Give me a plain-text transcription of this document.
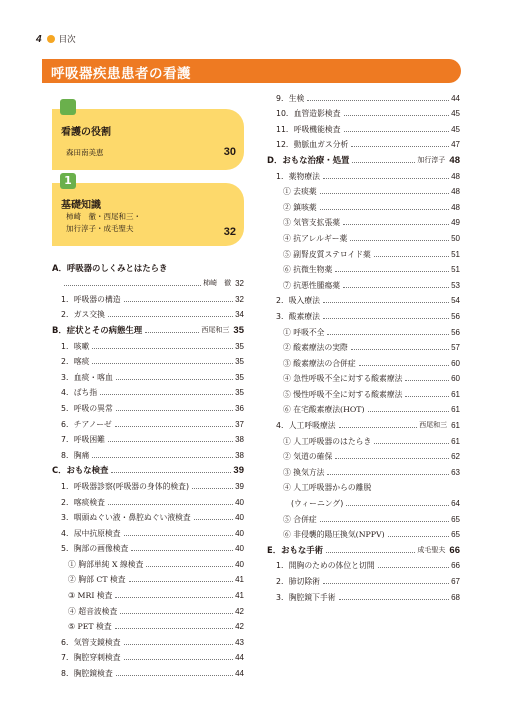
4 目次
呼吸器疾患患者の看護
看護の役割
森田南美恵	30
1
基礎知識
柿崎　徹・西尾和三・
加行淳子・成毛聖夫	32
A．呼吸器のしくみとはたらき
柿崎　徹 32
1．呼吸器の構造	32
2．ガス交換	34
B．症状とその病態生理	西尾和三 35
1．咳嗽	35
2．喀痰	35
3．血痰・喀血	35
4．ばち指	35
5．呼吸の異常	36
6．チアノーゼ	37
7．呼吸困難	38
8．胸痛	38
C．おもな検査	39
1．呼吸器診察(呼吸器の身体的検査)	39
2．喀痰検査	40
3．咽頭ぬぐい液・鼻腔ぬぐい液検査	40
4．尿中抗原検査	40
5．胸部の画像検査	40
① 胸部単純 X 線検査	40
② 胸部 CT 検査	41
③ MRI 検査	41
④ 超音波検査	42
⑤ PET 検査	42
6．気管支鏡検査	43
7．胸腔穿刺検査	44
8．胸腔鏡検査	44
9．生検	44
10．血管造影検査	45
11．呼吸機能検査	45
12．動脈血ガス分析	47
D．おもな治療・処置	加行淳子 48
1．薬物療法	48
① 去痰薬	48
② 鎮咳薬	48
③ 気管支拡張薬	49
④ 抗アレルギー薬	50
⑤ 副腎皮質ステロイド薬	51
⑥ 抗微生物薬	51
⑦ 抗悪性腫瘍薬	53
2．吸入療法	54
3．酸素療法	56
① 呼吸不全	56
② 酸素療法の実際	57
③ 酸素療法の合併症	60
④ 急性呼吸不全に対する酸素療法	60
⑤ 慢性呼吸不全に対する酸素療法	61
⑥ 在宅酸素療法(HOT)	61
4．人工呼吸療法	西尾和三 61
① 人工呼吸器のはたらき	61
② 気道の確保	62
③ 換気方法	63
④ 人工呼吸器からの離脱
(ウィーニング)	64
⑤ 合併症	65
⑥ 非侵襲的陽圧換気(NPPV)	65
E．おもな手術	成毛聖夫 66
1．開胸のための体位と切開	66
2．肺切除術	67
3．胸腔鏡下手術	68
